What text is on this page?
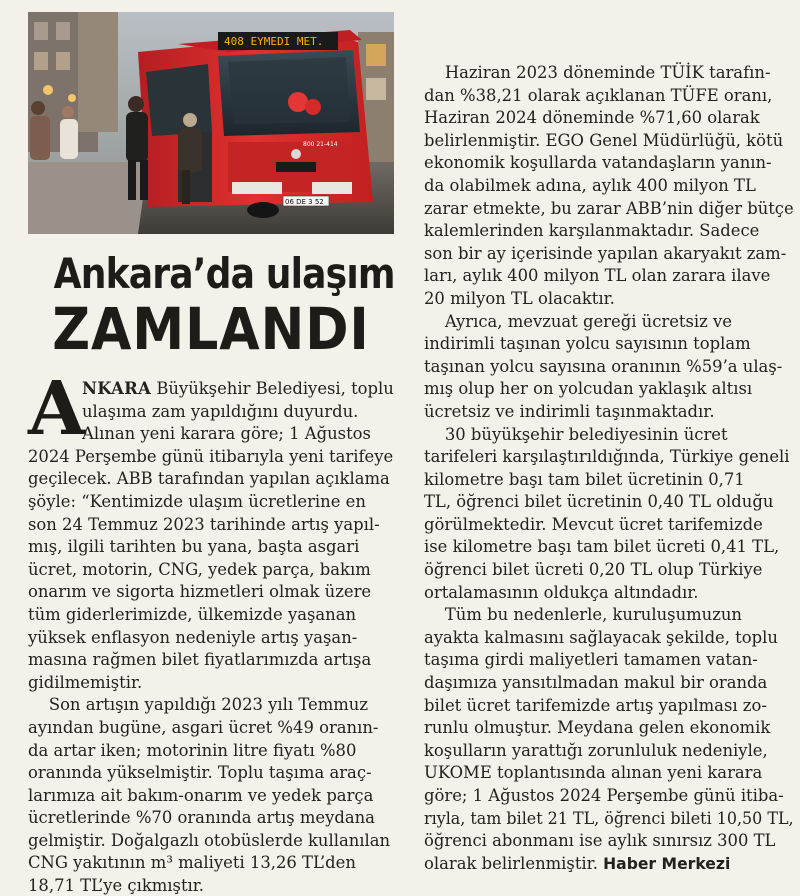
408 EYMEDI MET.
06 DE 3 52
800 21-414
Ankara’da ulaşım
ZAMLANDI
A
NKARA Büyükşehir Belediyesi, toplu
ulaşıma zam yapıldığını duyurdu.
Alınan yeni karara göre; 1 Ağustos
2024 Perşembe günü itibarıyla yeni tarifeye
geçilecek. ABB tarafından yapılan açıklama
şöyle: “Kentimizde ulaşım ücretlerine en
son 24 Temmuz 2023 tarihinde artış yapıl-
mış, ilgili tarihten bu yana, başta asgari
ücret, motorin, CNG, yedek parça, bakım
onarım ve sigorta hizmetleri olmak üzere
tüm giderlerimizde, ülkemizde yaşanan
yüksek enflasyon nedeniyle artış yaşan-
masına rağmen bilet fiyatlarımızda artışa
gidilmemiştir.
Son artışın yapıldığı 2023 yılı Temmuz
ayından bugüne, asgari ücret %49 oranın-
da artar iken; motorinin litre fiyatı %80
oranında yükselmiştir. Toplu taşıma araç-
larımıza ait bakım-onarım ve yedek parça
ücretlerinde %70 oranında artış meydana
gelmiştir. Doğalgazlı otobüslerde kullanılan
CNG yakıtının m³ maliyeti 13,26 TL’den
18,71 TL’ye çıkmıştır.
Haziran 2023 döneminde TÜİK tarafın-
dan %38,21 olarak açıklanan TÜFE oranı,
Haziran 2024 döneminde %71,60 olarak
belirlenmiştir. EGO Genel Müdürlüğü, kötü
ekonomik koşullarda vatandaşların yanın-
da olabilmek adına, aylık 400 milyon TL
zarar etmekte, bu zarar ABB’nin diğer bütçe
kalemlerinden karşılanmaktadır. Sadece
son bir ay içerisinde yapılan akaryakıt zam-
ları, aylık 400 milyon TL olan zarara ilave
20 milyon TL olacaktır.
Ayrıca, mevzuat gereği ücretsiz ve
indirimli taşınan yolcu sayısının toplam
taşınan yolcu sayısına oranının %59’a ulaş-
mış olup her on yolcudan yaklaşık altısı
ücretsiz ve indirimli taşınmaktadır.
30 büyükşehir belediyesinin ücret
tarifeleri karşılaştırıldığında, Türkiye geneli
kilometre başı tam bilet ücretinin 0,71
TL, öğrenci bilet ücretinin 0,40 TL olduğu
görülmektedir. Mevcut ücret tarifemizde
ise kilometre başı tam bilet ücreti 0,41 TL,
öğrenci bilet ücreti 0,20 TL olup Türkiye
ortalamasının oldukça altındadır.
Tüm bu nedenlerle, kuruluşumuzun
ayakta kalmasını sağlayacak şekilde, toplu
taşıma girdi maliyetleri tamamen vatan-
daşımıza yansıtılmadan makul bir oranda
bilet ücret tarifemizde artış yapılması zo-
runlu olmuştur. Meydana gelen ekonomik
koşulların yarattığı zorunluluk nedeniyle,
UKOME toplantısında alınan yeni karara
göre; 1 Ağustos 2024 Perşembe günü itiba-
rıyla, tam bilet 21 TL, öğrenci bileti 10,50 TL,
öğrenci abonmanı ise aylık sınırsız 300 TL
olarak belirlenmiştir. Haber Merkezi
